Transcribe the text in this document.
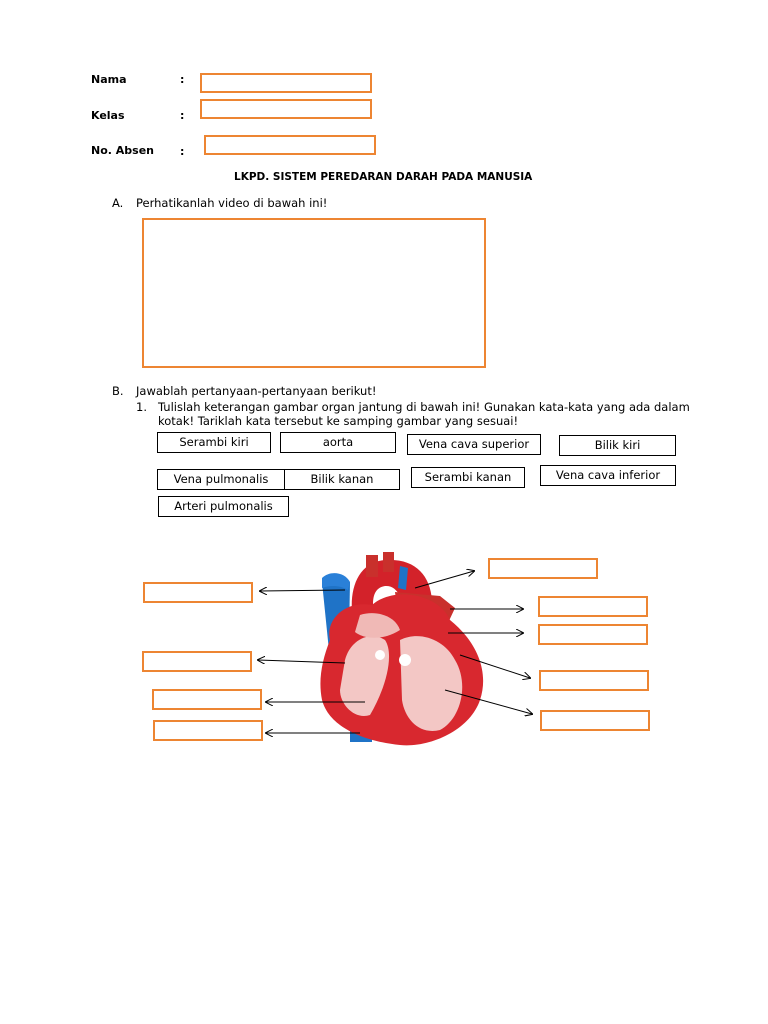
Nama	:
Kelas	:
No. Absen :
LKPD. SISTEM PEREDARAN DARAH PADA MANUSIA
A. Perhatikanlah video di bawah ini!
B. Jawablah pertanyaan-pertanyaan berikut!
1. Tulislah keterangan gambar organ jantung di bawah ini! Gunakan kata-kata yang ada dalam
kotak! Tariklah kata tersebut ke samping gambar yang sesuai!
Serambi kiri	aorta	Vena cava superior	Bilik kiri
Vena pulmonalis	Bilik kanan	Serambi kanan	Vena cava inferior
Arteri pulmonalis
